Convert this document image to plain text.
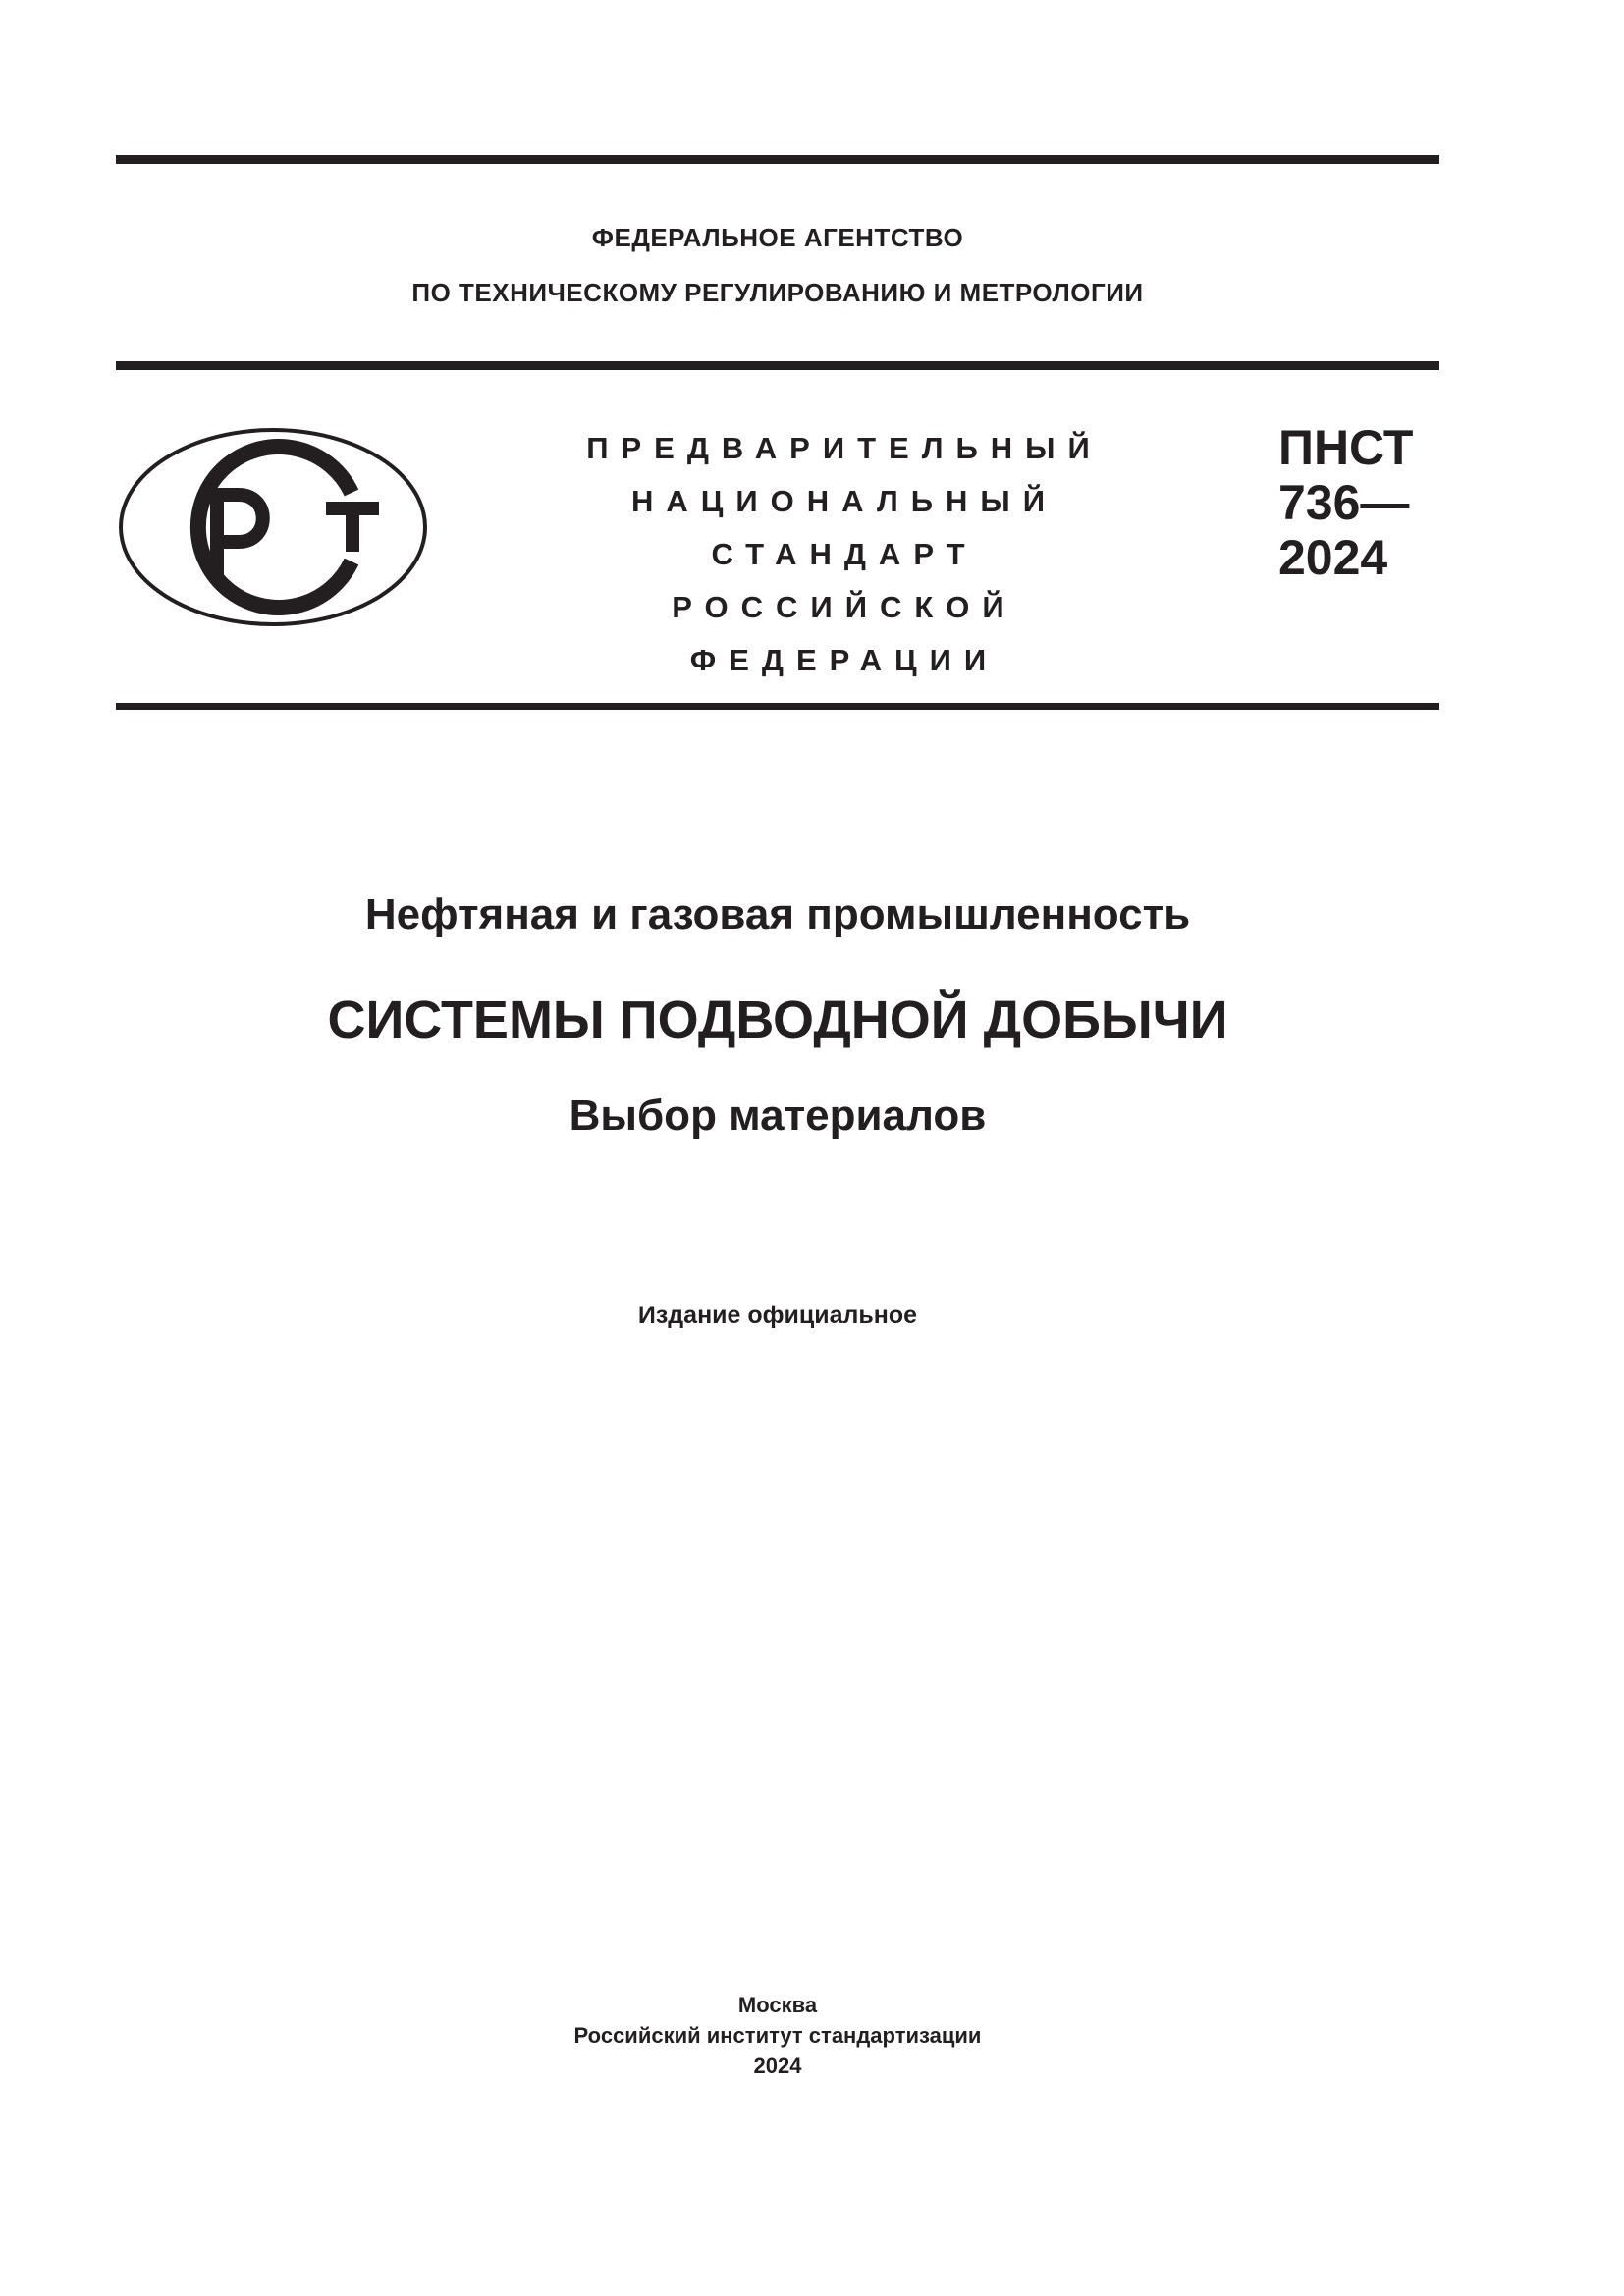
ФЕДЕРАЛЬНОЕ АГЕНТСТВО
ПО ТЕХНИЧЕСКОМУ РЕГУЛИРОВАНИЮ И МЕТРОЛОГИИ
ПРЕДВАРИТЕЛЬНЫЙ
НАЦИОНАЛЬНЫЙ
СТАНДАРТ
РОССИЙСКОЙ
ФЕДЕРАЦИИ
ПНСТ
736—
2024
Нефтяная и газовая промышленность
СИСТЕМЫ ПОДВОДНОЙ ДОБЫЧИ
Выбор материалов
Издание официальное
Москва
Российский институт стандартизации
2024
